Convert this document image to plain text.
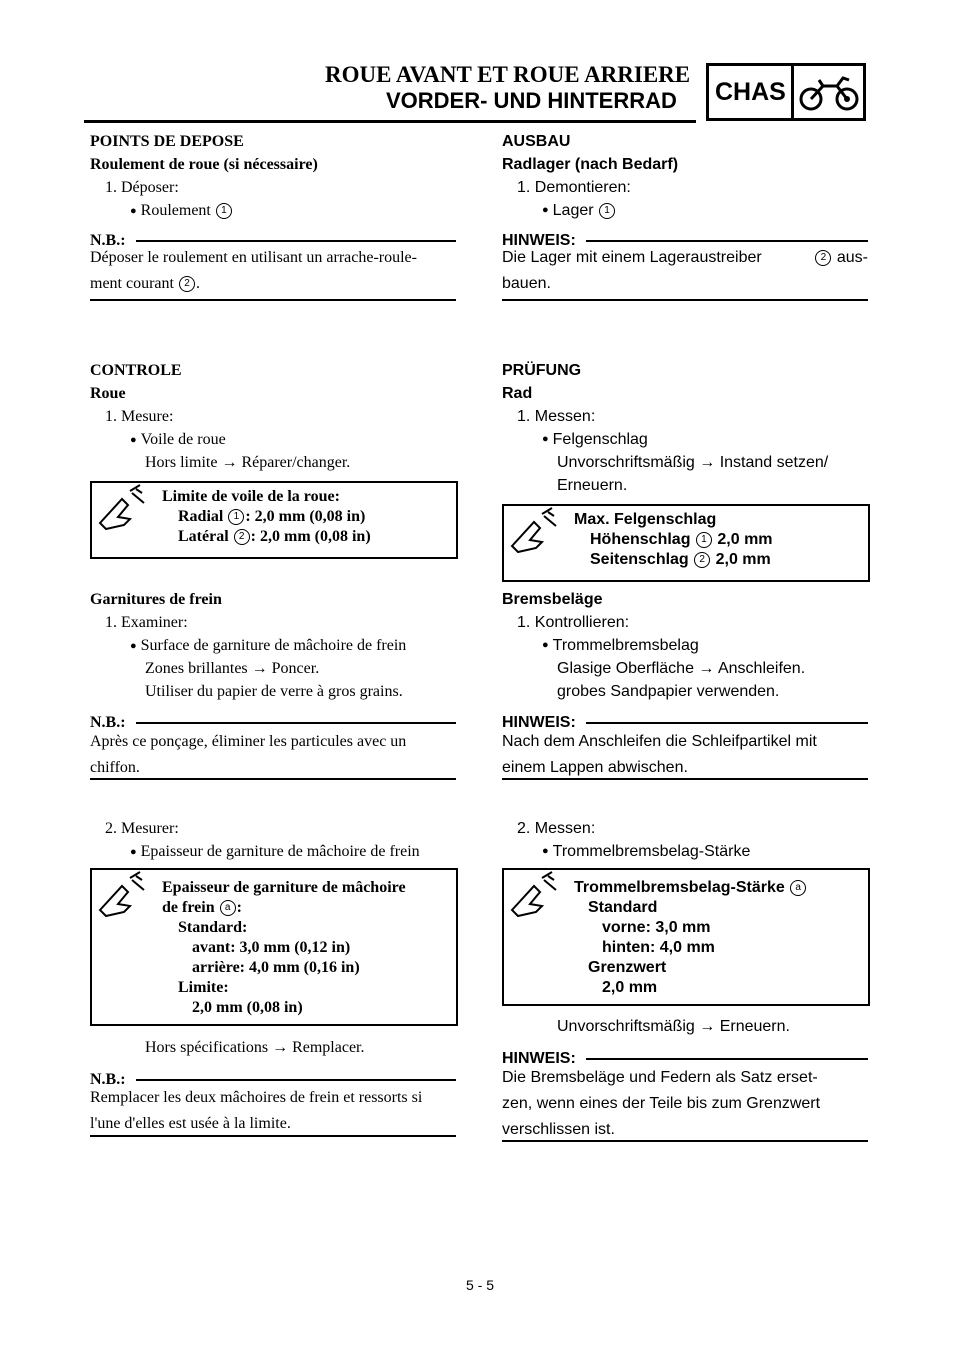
ROUE AVANT ET ROUE ARRIERE
VORDER- UND HINTERRAD CHAS
POINTS DE DEPOSE
Roulement de roue (si nécessaire)
1. Déposer:
● Roulement 1
N.B.:
Déposer le roulement en utilisant un arrache-roule-
ment courant 2 .
CONTROLE
Roue
1. Mesure:
● Voile de roue
Hors limite → Réparer/changer.
Limite de voile de la roue:
Radial 1 : 2,0 mm (0,08 in)
Latéral 2 : 2,0 mm (0,08 in)
Garnitures de frein
1. Examiner:
● Surface de garniture de mâchoire de frein
Zones brillantes → Poncer.
Utiliser du papier de verre à gros grains.
N.B.:
Après ce ponçage, éliminer les particules avec un
chiffon.
2. Mesurer:
● Epaisseur de garniture de mâchoire de frein
Epaisseur de garniture de mâchoire
de frein a :
Standard:
avant: 3,0 mm (0,12 in)
arrière: 4,0 mm (0,16 in)
Limite:
2,0 mm (0,08 in)
Hors spécifications → Remplacer.
N.B.:
Remplacer les deux mâchoires de frein et ressorts si
l'une d'elles est usée à la limite.
AUSBAU
Radlager (nach Bedarf)
1. Demontieren:
● Lager 1
HINWEIS:
Die Lager mit einem Lageraustreiber	2 aus-
bauen.
PRÜFUNG
Rad
1. Messen:
● Felgenschlag
Unvorschriftsmäßig → Instand setzen/
Erneuern.
Max. Felgenschlag
Höhenschlag 1 2,0 mm
Seitenschlag 2 2,0 mm
Bremsbeläge
1. Kontrollieren:
● Trommelbremsbelag
Glasige Oberfläche → Anschleifen.
grobes Sandpapier verwenden.
HINWEIS:
Nach dem Anschleifen die Schleifpartikel mit
einem Lappen abwischen.
2. Messen:
● Trommelbremsbelag-Stärke
Trommelbremsbelag-Stärke a
Standard
vorne: 3,0 mm
hinten: 4,0 mm
Grenzwert
2,0 mm
Unvorschriftsmäßig → Erneuern.
HINWEIS:
Die Bremsbeläge und Federn als Satz erset-
zen, wenn eines der Teile bis zum Grenzwert
verschlissen ist.
5 - 5
